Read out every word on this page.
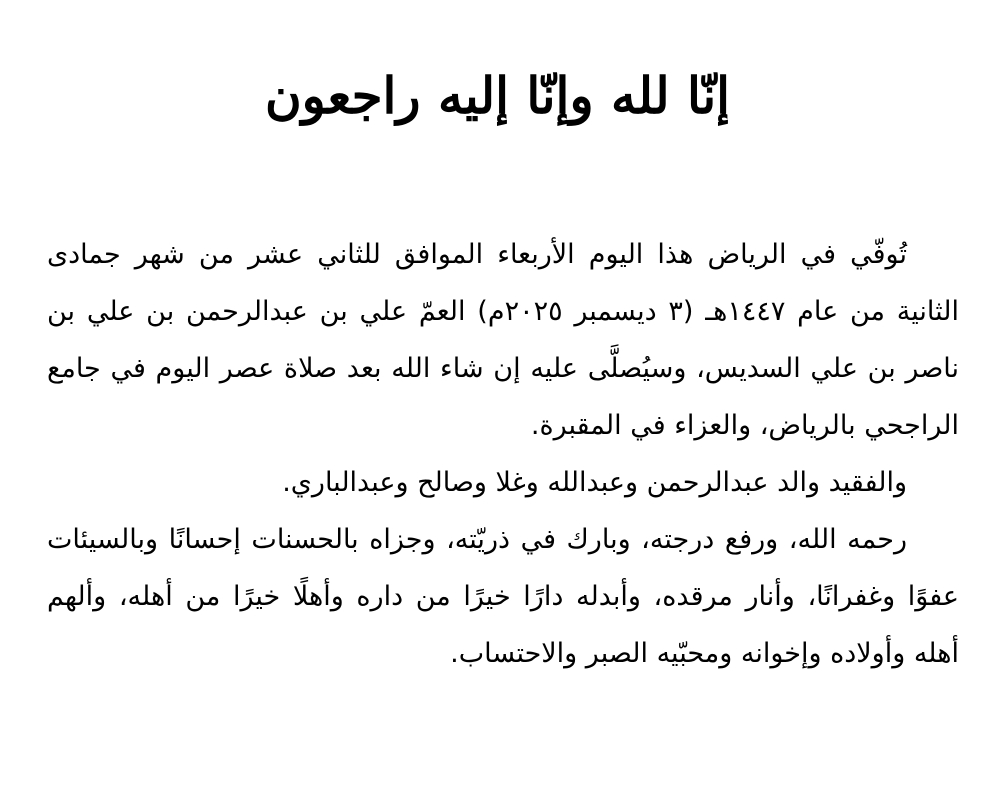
إنّا لله وإنّا إليه راجعون

تُوفّي في الرياض هذا اليوم الأربعاء الموافق للثاني عشر من شهر جمادى الثانية من عام ١٤٤٧هـ (٣ ديسمبر ٢٠٢٥م) العمّ علي بن عبدالرحمن بن علي بن ناصر بن علي السديس، وسيُصلَّى عليه إن شاء الله بعد صلاة عصر اليوم في جامع الراجحي بالرياض، والعزاء في المقبرة.

والفقيد والد عبدالرحمن وعبدالله وغلا وصالح وعبدالباري.

رحمه الله، ورفع درجته، وبارك في ذريّته، وجزاه بالحسنات إحسانًا وبالسيئات عفوًا وغفرانًا، وأنار مرقده، وأبدله دارًا خيرًا من داره وأهلًا خيرًا من أهله، وألهم أهله وأولاده وإخوانه ومحبّيه الصبر والاحتساب.
